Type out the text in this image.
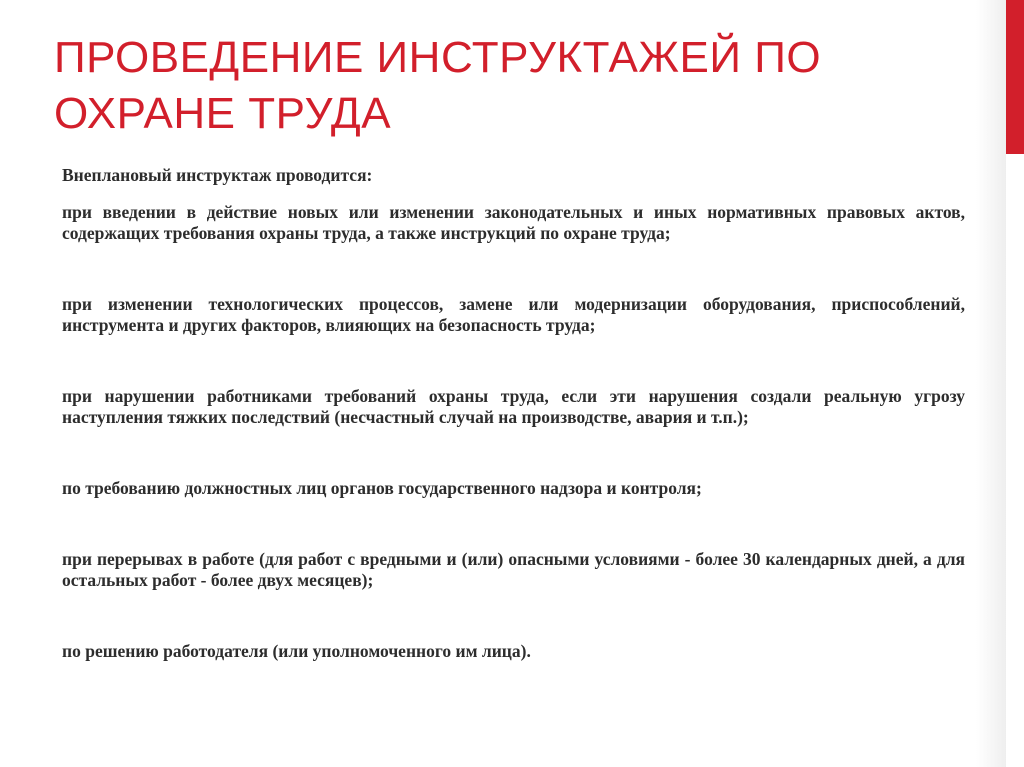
ПРОВЕДЕНИЕ ИНСТРУКТАЖЕЙ ПО ОХРАНЕ ТРУДА

Внеплановый инструктаж проводится:

при введении в действие новых или изменении законодательных и иных нормативных правовых актов, содержащих требования охраны труда, а также инструкций по охране труда;

при изменении технологических процессов, замене или модернизации оборудования, приспособлений, инструмента и других факторов, влияющих на безопасность труда;

при нарушении работниками требований охраны труда, если эти нарушения создали реальную угрозу наступления тяжких последствий (несчастный случай на производстве, авария и т.п.);

по требованию должностных лиц органов государственного надзора и контроля;

при перерывах в работе (для работ с вредными и (или) опасными условиями - более 30 календарных дней, а для остальных работ - более двух месяцев);

по решению работодателя (или уполномоченного им лица).
